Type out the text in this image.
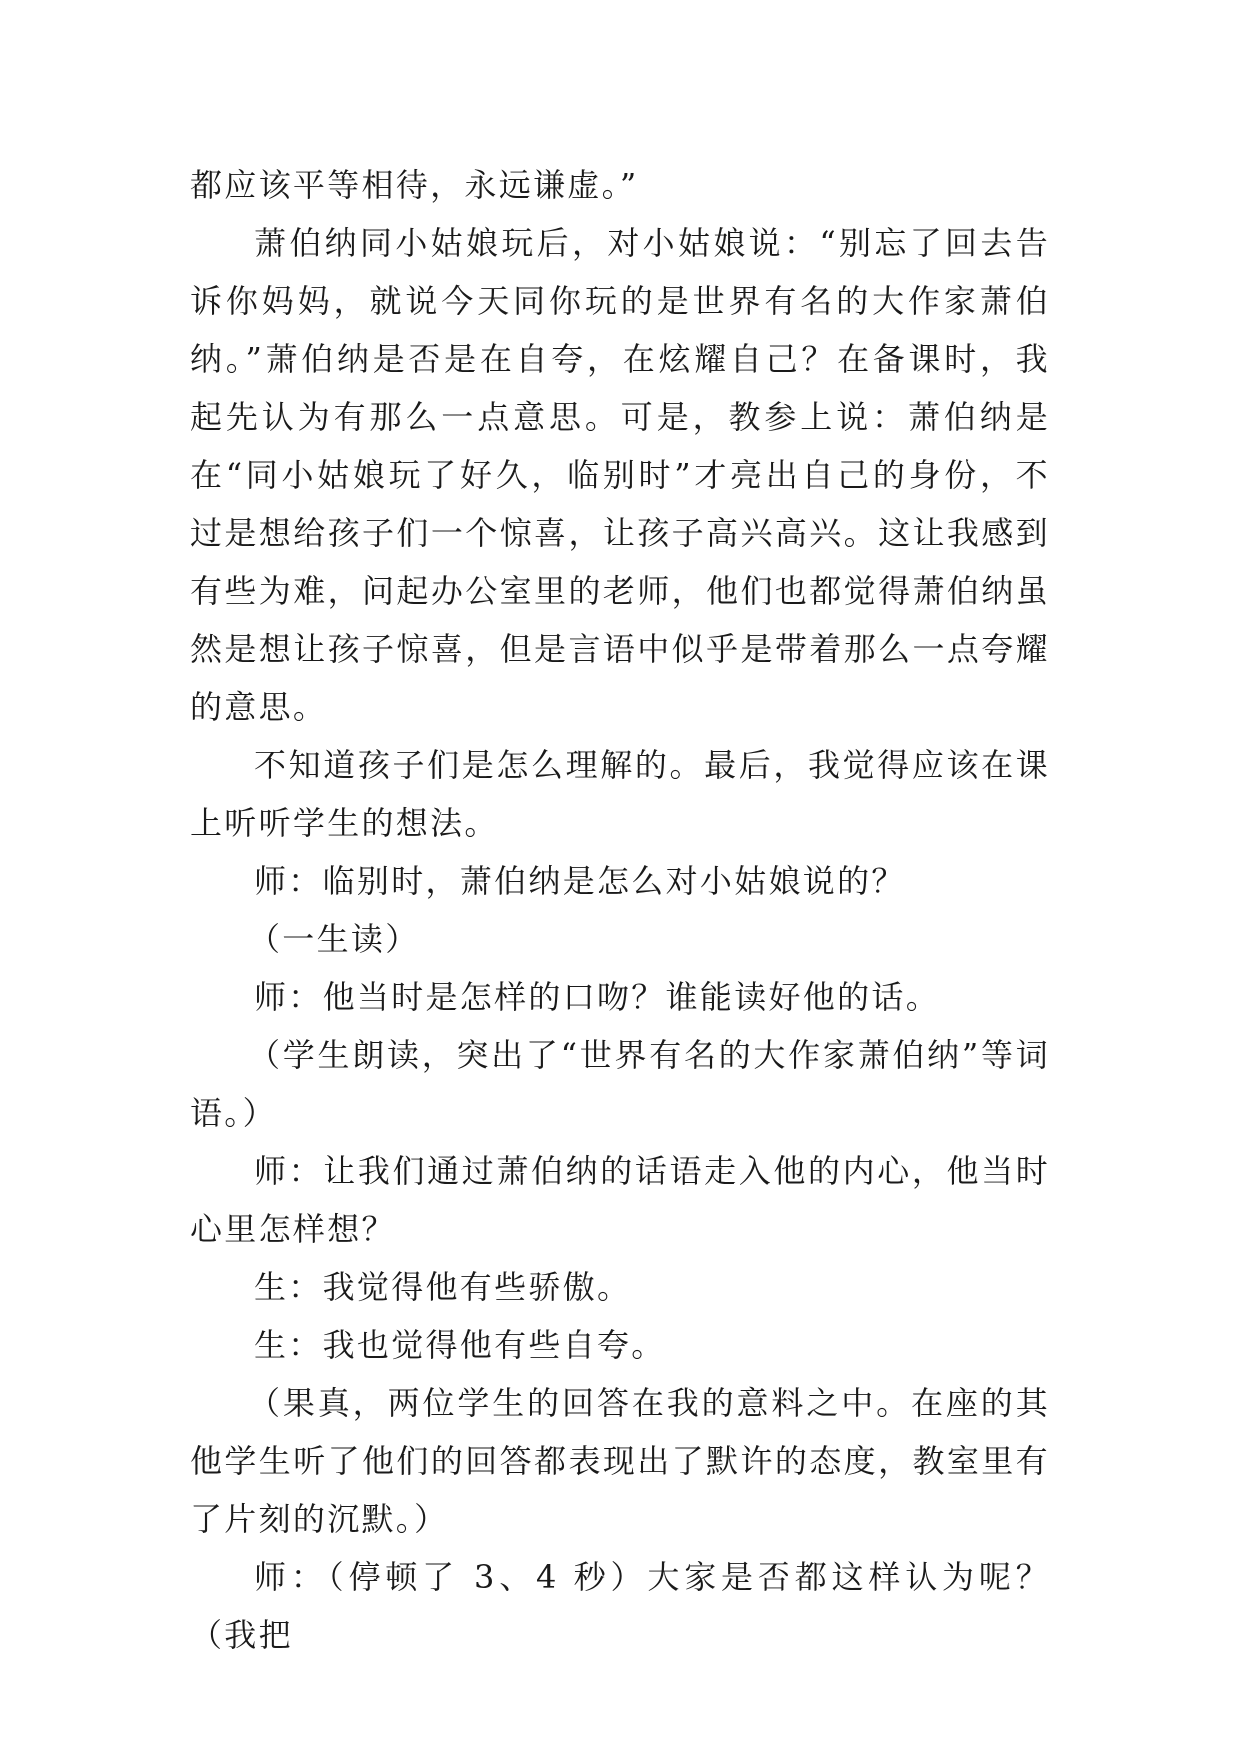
都应该平等相待，永远谦虚。”

萧伯纳同小姑娘玩后，对小姑娘说：“别忘了回去告诉你妈妈，就说今天同你玩的是世界有名的大作家萧伯纳。”萧伯纳是否是在自夸，在炫耀自己？在备课时，我起先认为有那么一点意思。可是，教参上说：萧伯纳是在“同小姑娘玩了好久，临别时”才亮出自己的身份，不过是想给孩子们一个惊喜，让孩子高兴高兴。这让我感到有些为难，问起办公室里的老师，他们也都觉得萧伯纳虽然是想让孩子惊喜，但是言语中似乎是带着那么一点夸耀的意思。

不知道孩子们是怎么理解的。最后，我觉得应该在课上听听学生的想法。

师：临别时，萧伯纳是怎么对小姑娘说的？

（一生读）

师：他当时是怎样的口吻？谁能读好他的话。

（学生朗读，突出了“世界有名的大作家萧伯纳”等词语。）

师：让我们通过萧伯纳的话语走入他的内心，他当时心里怎样想？

生：我觉得他有些骄傲。

生：我也觉得他有些自夸。

（果真，两位学生的回答在我的意料之中。在座的其他学生听了他们的回答都表现出了默许的态度，教室里有了片刻的沉默。）

师：（停顿了 3、4 秒）大家是否都这样认为呢？（我把
